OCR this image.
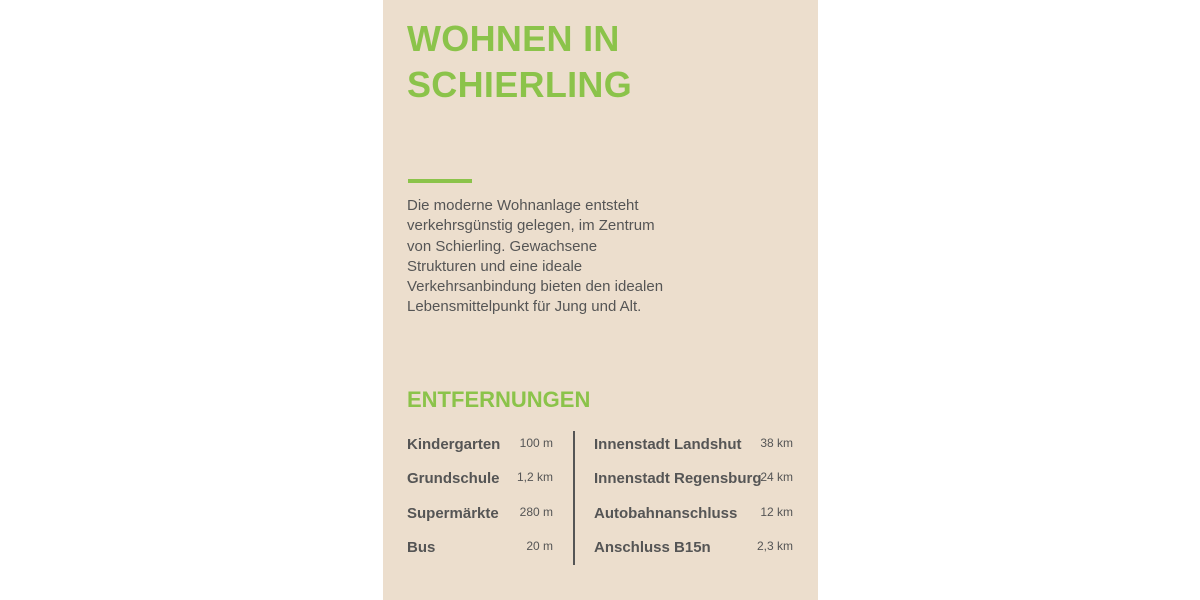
WOHNEN IN
SCHIERLING

Die moderne Wohnanlage entsteht verkehrsgünstig gelegen, im Zentrum von Schierling. Gewachsene Strukturen und eine ideale Verkehrsanbindung bieten den idealen Lebensmittelpunkt für Jung und Alt.

ENTFERNUNGEN
Kindergarten 100 m
Grundschule 1,2 km
Supermärkte 280 m
Bus	20 m
Innenstadt Landshut 38 km
Innenstadt Regensburg
24 km
Autobahnanschluss 12 km
Anschluss B15n	2,3 km
